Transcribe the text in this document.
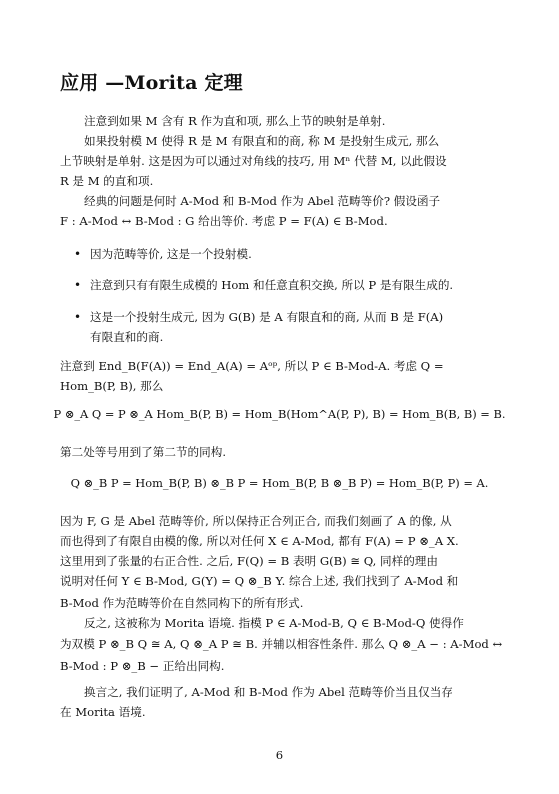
应用 —Morita 定理

注意到如果 M 含有 R 作为直和项, 那么上节的映射是单射.

如果投射模 M 使得 R 是 M 有限直和的商, 称 M 是投射生成元, 那么

上节映射是单射. 这是因为可以通过对角线的技巧, 用 Mⁿ 代替 M, 以此假设

R 是 M 的直和项.

经典的问题是何时 A-Mod 和 B-Mod 作为 Abel 范畴等价? 假设函子

F : A-Mod ↔ B-Mod : G 给出等价. 考虑 P = F(A) ∈ B-Mod.

• 因为范畴等价, 这是一个投射模.

• 注意到只有有限生成模的 Hom 和任意直积交换, 所以 P 是有限生成的.

• 这是一个投射生成元, 因为 G(B) 是 A 有限直和的商, 从而 B 是 F(A)

有限直和的商.

注意到 End_B(F(A)) = End_A(A) = Aᵒᵖ, 所以 P ∈ B-Mod-A. 考虑 Q =

Hom_B(P, B), 那么

P ⊗_A Q = P ⊗_A Hom_B(P, B) = Hom_B(Hom^A(P, P), B) = Hom_B(B, B) = B.

第二处等号用到了第二节的同构.

Q ⊗_B P = Hom_B(P, B) ⊗_B P = Hom_B(P, B ⊗_B P) = Hom_B(P, P) = A.

因为 F, G 是 Abel 范畴等价, 所以保持正合列正合, 而我们刻画了 A 的像, 从

而也得到了有限自由模的像, 所以对任何 X ∈ A-Mod, 都有 F(A) = P ⊗_A X.

这里用到了张量的右正合性. 之后, F(Q) = B 表明 G(B) ≅ Q, 同样的理由

说明对任何 Y ∈ B-Mod, G(Y) = Q ⊗_B Y. 综合上述, 我们找到了 A-Mod 和

B-Mod 作为范畴等价在自然同构下的所有形式.

反之, 这被称为 Morita 语境. 指模 P ∈ A-Mod-B, Q ∈ B-Mod-Q 使得作

为双模 P ⊗_B Q ≅ A, Q ⊗_A P ≅ B. 并辅以相容性条件. 那么 Q ⊗_A − : A-Mod ↔

B-Mod : P ⊗_B − 正给出同构.

换言之, 我们证明了, A-Mod 和 B-Mod 作为 Abel 范畴等价当且仅当存

在 Morita 语境.

6
